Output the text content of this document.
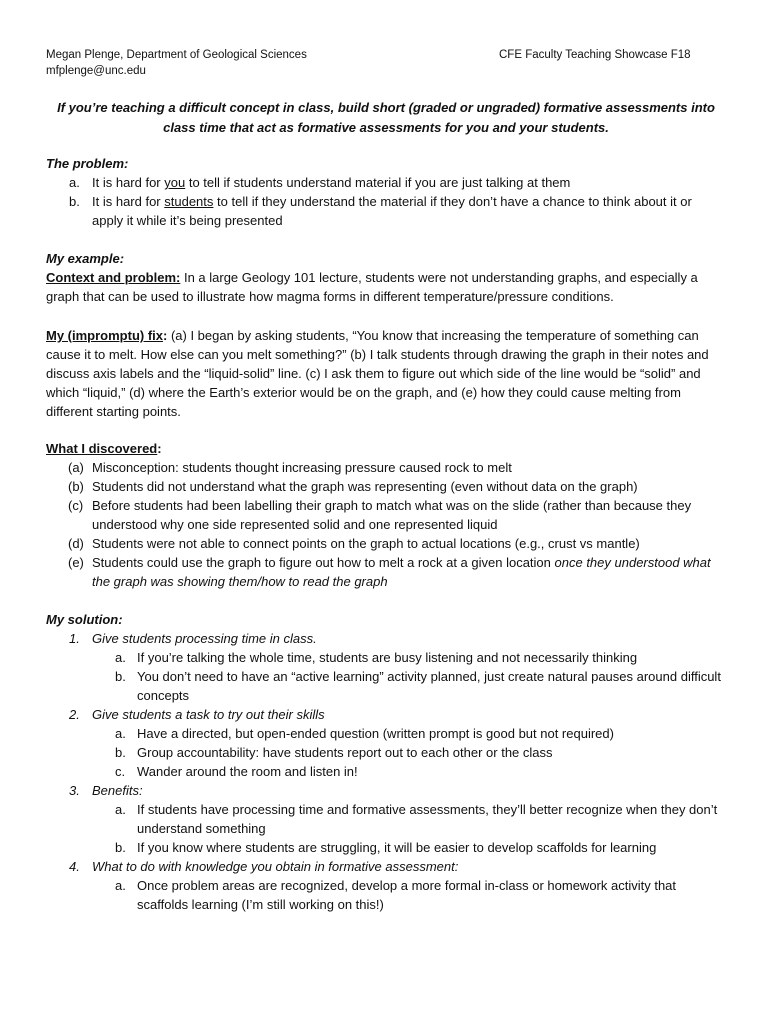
Megan Plenge, Department of Geological Sciences
mfplenge@unc.edu
CFE Faculty Teaching Showcase F18
If you’re teaching a difficult concept in class, build short (graded or ungraded) formative assessments into
class time that act as formative assessments for you and your students.
The problem:
a. It is hard for you to tell if students understand material if you are just talking at them
b. It is hard for students to tell if they understand the material if they don’t have a chance to think about it or apply it while it’s being presented
My example:

Context and problem: In a large Geology 101 lecture, students were not understanding graphs, and especially a graph that can be used to illustrate how magma forms in different temperature/pressure conditions.

My (impromptu) fix: (a) I began by asking students, “You know that increasing the temperature of something can cause it to melt. How else can you melt something?” (b) I talk students through drawing the graph in their notes and discuss axis labels and the “liquid-solid” line. (c) I ask them to figure out which side of the line would be “solid” and which “liquid,” (d) where the Earth’s exterior would be on the graph, and (e) how they could cause melting from different starting points.

What I discovered:
(a) Misconception: students thought increasing pressure caused rock to melt
(b) Students did not understand what the graph was representing (even without data on the graph)
(c) Before students had been labelling their graph to match what was on the slide (rather than because they understood why one side represented solid and one represented liquid
(d) Students were not able to connect points on the graph to actual locations (e.g., crust vs mantle)
(e) Students could use the graph to figure out how to melt a rock at a given location once they understood what the graph was showing them/how to read the graph
My solution:
1. Give students processing time in class.
a. If you’re talking the whole time, students are busy listening and not necessarily thinking
b. You don’t need to have an “active learning” activity planned, just create natural pauses around difficult concepts
2. Give students a task to try out their skills
a. Have a directed, but open-ended question (written prompt is good but not required)
b. Group accountability: have students report out to each other or the class
c. Wander around the room and listen in!
3. Benefits:
a. If students have processing time and formative assessments, they’ll better recognize when they don’t understand something
b. If you know where students are struggling, it will be easier to develop scaffolds for learning
4. What to do with knowledge you obtain in formative assessment:
a. Once problem areas are recognized, develop a more formal in-class or homework activity that scaffolds learning (I’m still working on this!)
